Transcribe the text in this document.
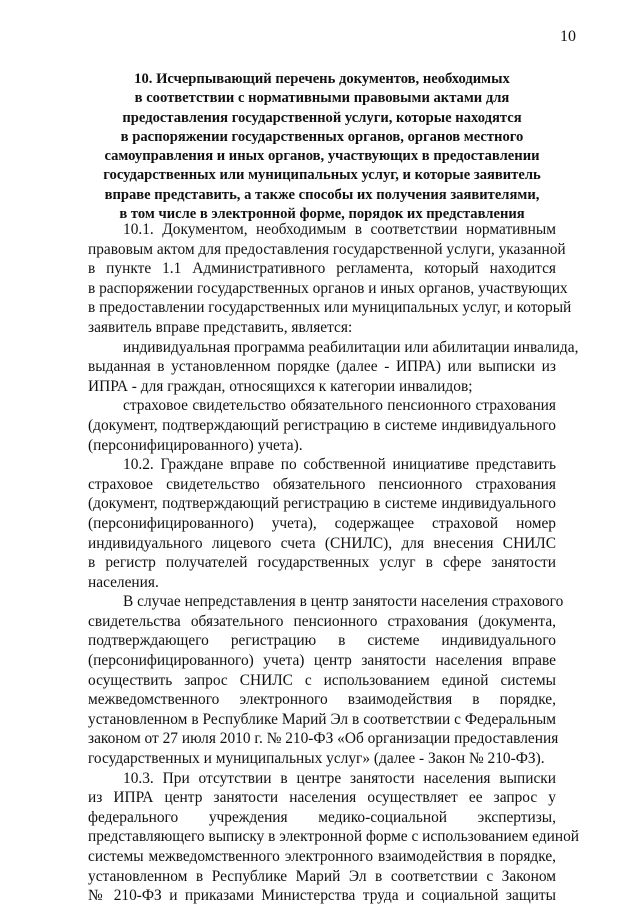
10
10. Исчерпывающий перечень документов, необходимых
в соответствии с нормативными правовыми актами для
предоставления государственной услуги, которые находятся
в распоряжении государственных органов, органов местного
самоуправления и иных органов, участвующих в предоставлении
государственных или муниципальных услуг, и которые заявитель
вправе представить, а также способы их получения заявителями,
в том числе в электронной форме, порядок их представления
10.1. Документом, необходимым в соответствии нормативным
правовым актом для предоставления государственной услуги, указанной
в пункте 1.1 Административного регламента, который находится
в распоряжении государственных органов и иных органов, участвующих
в предоставлении государственных или муниципальных услуг, и который
заявитель вправе представить, является:
индивидуальная программа реабилитации или абилитации инвалида,
выданная в установленном порядке (далее - ИПРА) или выписки из
ИПРА - для граждан, относящихся к категории инвалидов;
страховое свидетельство обязательного пенсионного страхования
(документ, подтверждающий регистрацию в системе индивидуального
(персонифицированного) учета).
10.2. Граждане вправе по собственной инициативе представить
страховое свидетельство обязательного пенсионного страхования
(документ, подтверждающий регистрацию в системе индивидуального
(персонифицированного) учета), содержащее страховой номер
индивидуального лицевого счета (СНИЛС), для внесения СНИЛС
в регистр получателей государственных услуг в сфере занятости
населения.
В случае непредставления в центр занятости населения страхового
свидетельства обязательного пенсионного страхования (документа,
подтверждающего регистрацию в системе индивидуального
(персонифицированного) учета) центр занятости населения вправе
осуществить запрос СНИЛС с использованием единой системы
межведомственного электронного взаимодействия в порядке,
установленном в Республике Марий Эл в соответствии с Федеральным
законом от 27 июля 2010 г. № 210-ФЗ «Об организации предоставления
государственных и муниципальных услуг» (далее - Закон № 210-ФЗ).
10.3. При отсутствии в центре занятости населения выписки
из ИПРА центр занятости населения осуществляет ее запрос у
федерального учреждения медико-социальной экспертизы,
представляющего выписку в электронной форме с использованием единой
системы межведомственного электронного взаимодействия в порядке,
установленном в Республике Марий Эл в соответствии с Законом
№ 210-ФЗ и приказами Министерства труда и социальной защиты
